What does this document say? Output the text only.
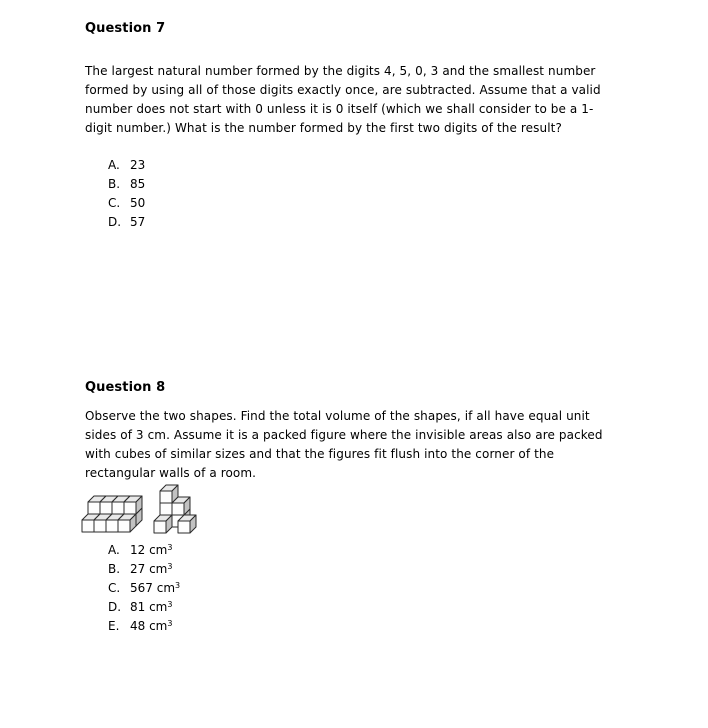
Question 7
The largest natural number formed by the digits 4, 5, 0, 3 and the smallest number
formed by using all of those digits exactly once, are subtracted. Assume that a valid
number does not start with 0 unless it is 0 itself (which we shall consider to be a 1-
digit number.) What is the number formed by the first two digits of the result?
A. 23
B. 85
C. 50
D. 57
Question 8
Observe the two shapes. Find the total volume of the shapes, if all have equal unit
sides of 3 cm. Assume it is a packed figure where the invisible areas also are packed
with cubes of similar sizes and that the figures fit flush into the corner of the
rectangular walls of a room.
A. 12 $cm^3$
B. 27 $cm^3$
C. 567 $cm^3$
D. 81 $cm^3$
E. 48 $cm^3$
